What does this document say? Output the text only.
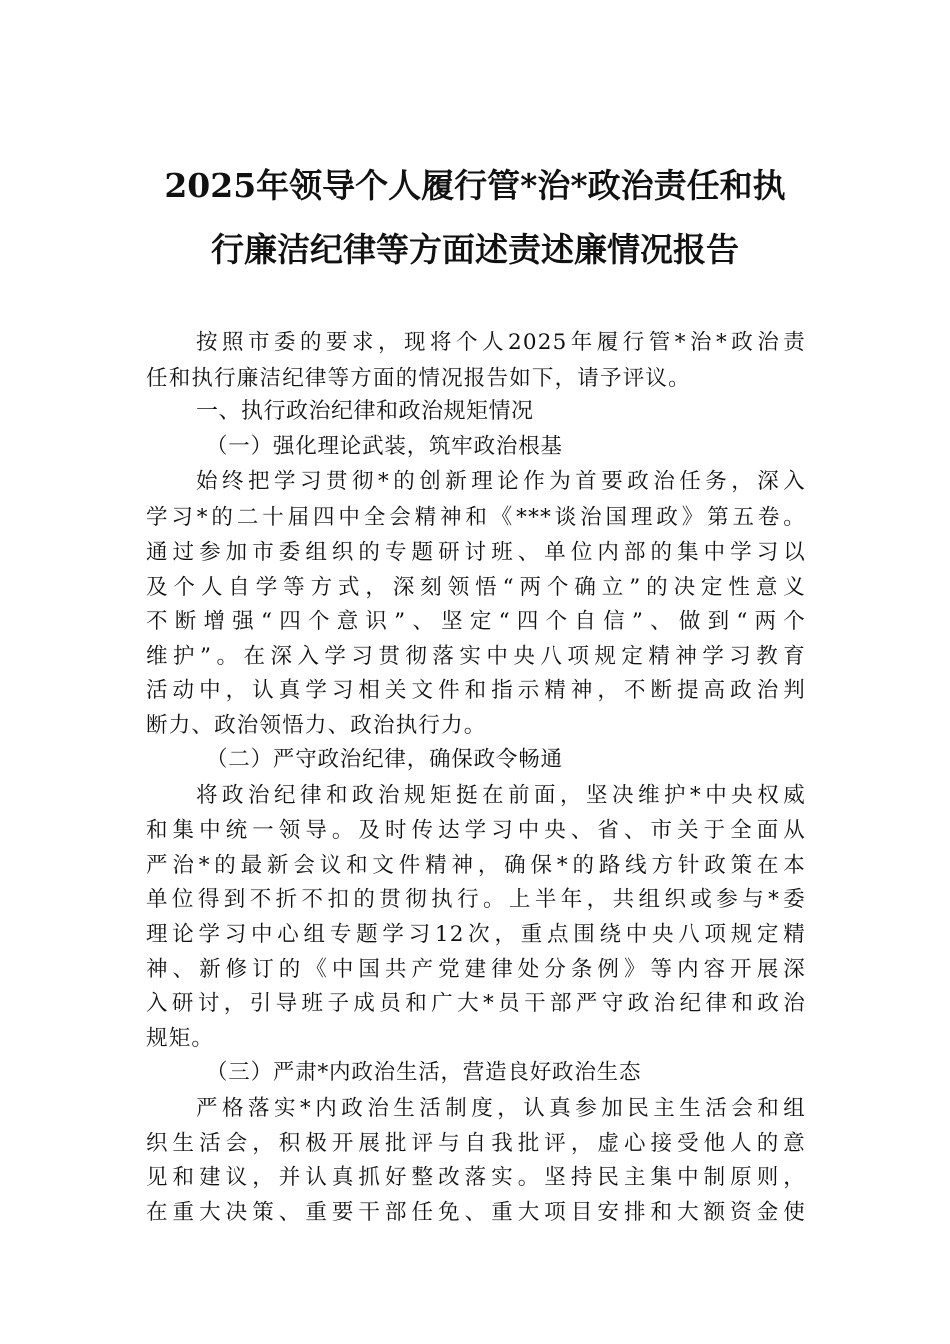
2025年领导个人履行管*治*政治责任和执
行廉洁纪律等方面述责述廉情况报告
按照市委的要求，现将个人2025年履行管*治*政治责
任和执行廉洁纪律等方面的情况报告如下，请予评议。
一、执行政治纪律和政治规矩情况
（一）强化理论武装，筑牢政治根基
始终把学习贯彻*的创新理论作为首要政治任务，深入
学习*的二十届四中全会精神和《***谈治国理政》第五卷。
通过参加市委组织的专题研讨班、单位内部的集中学习以
及个人自学等方式，深刻领悟“两个确立”的决定性意义
不断增强“四个意识”、坚定“四个自信”、做到“两个
维护”。在深入学习贯彻落实中央八项规定精神学习教育
活动中，认真学习相关文件和指示精神，不断提高政治判
断力、政治领悟力、政治执行力。
（二）严守政治纪律，确保政令畅通
将政治纪律和政治规矩挺在前面，坚决维护*中央权威
和集中统一领导。及时传达学习中央、省、市关于全面从
严治*的最新会议和文件精神，确保*的路线方针政策在本
单位得到不折不扣的贯彻执行。上半年，共组织或参与*委
理论学习中心组专题学习12次，重点围绕中央八项规定精
神、新修订的《中国共产党建律处分条例》等内容开展深
入研讨，引导班子成员和广大*员干部严守政治纪律和政治
规矩。
（三）严肃*内政治生活，营造良好政治生态
严格落实*内政治生活制度，认真参加民主生活会和组
织生活会，积极开展批评与自我批评，虚心接受他人的意
见和建议，并认真抓好整改落实。坚持民主集中制原则，
在重大决策、重要干部任免、重大项目安排和大额资金使
